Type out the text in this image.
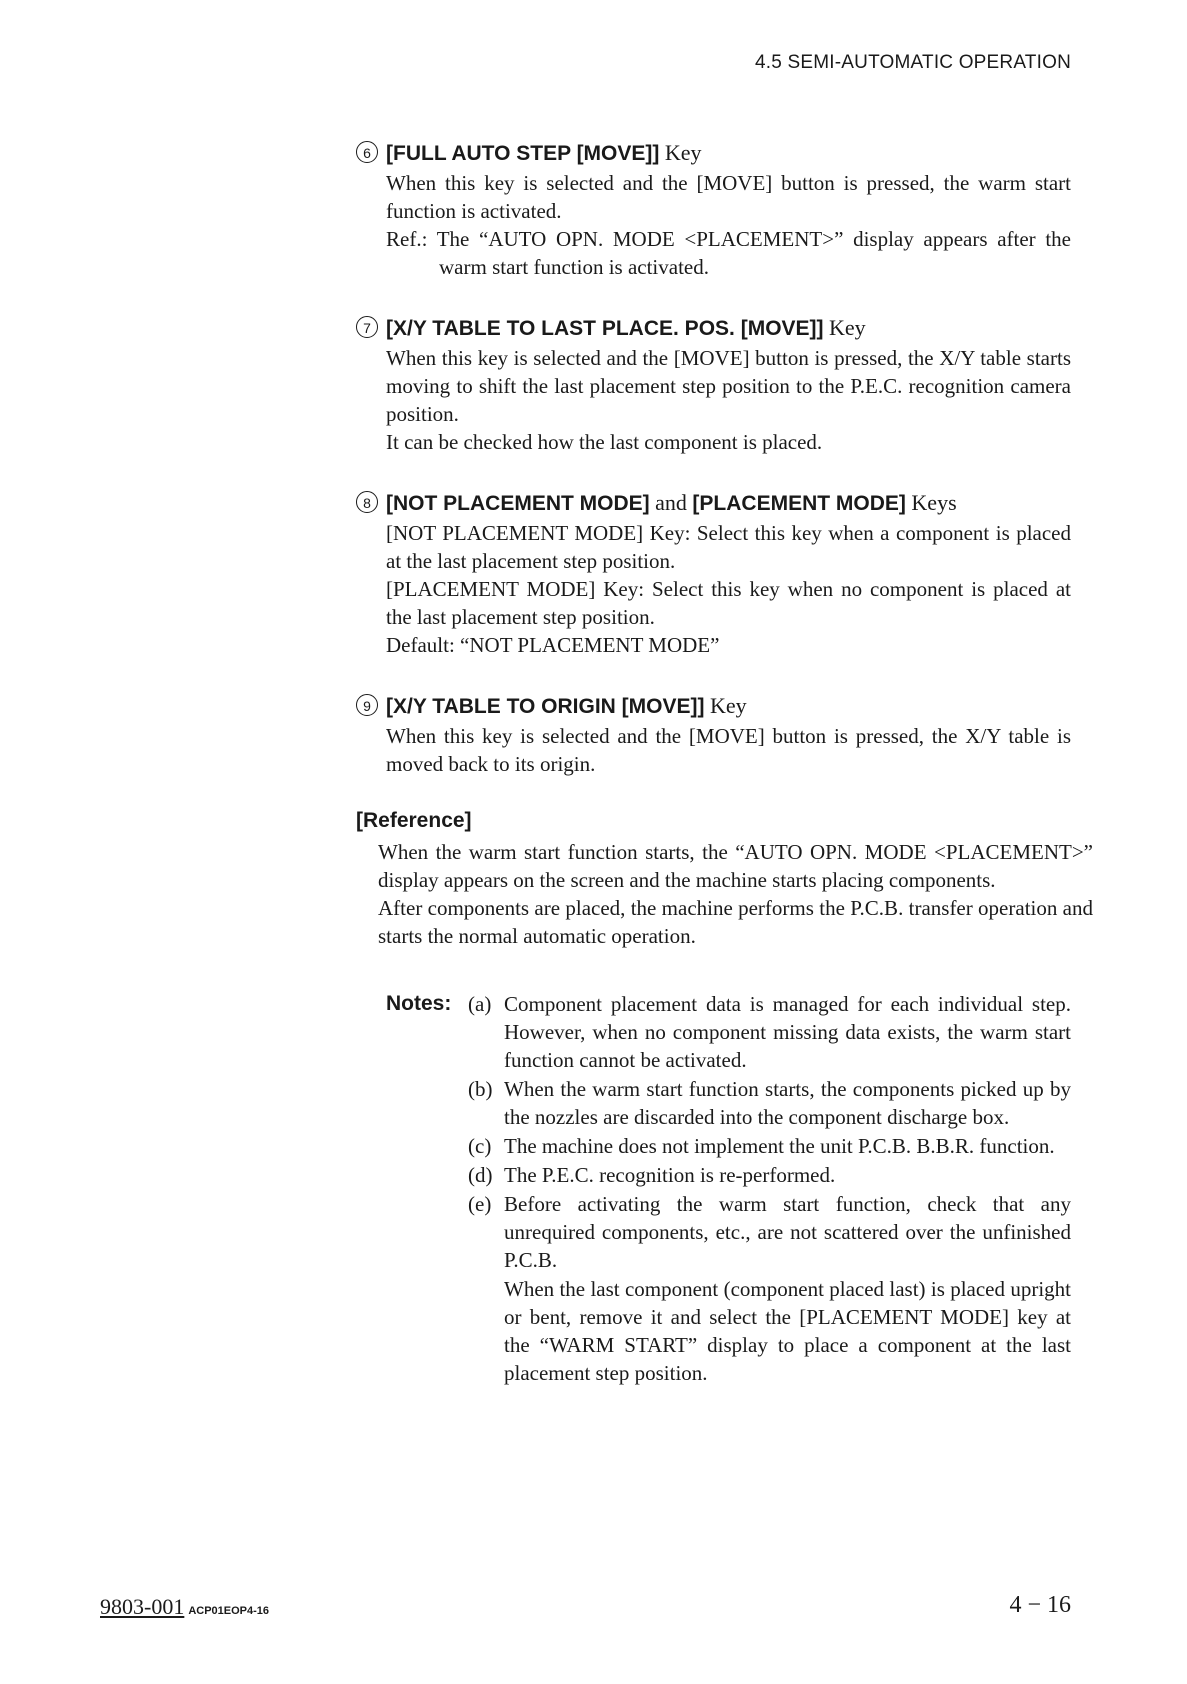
4.5 SEMI-AUTOMATIC OPERATION
6 [FULL AUTO STEP [MOVE]] Key
When this key is selected and the [MOVE] button is pressed, the warm start function is activated.
Ref.: The “AUTO OPN. MODE <PLACEMENT>” display appears after the warm start function is activated.
7 [X/Y TABLE TO LAST PLACE. POS. [MOVE]] Key
When this key is selected and the [MOVE] button is pressed, the X/Y table starts moving to shift the last placement step position to the P.E.C. recognition camera position.
It can be checked how the last component is placed.
8 [NOT PLACEMENT MODE] and [PLACEMENT MODE] Keys
[NOT PLACEMENT MODE] Key: Select this key when a component is placed at the last placement step position.
[PLACEMENT MODE] Key: Select this key when no component is placed at the last placement step position.
Default: “NOT PLACEMENT MODE”
9 [X/Y TABLE TO ORIGIN [MOVE]] Key
When this key is selected and the [MOVE] button is pressed, the X/Y table is moved back to its origin.
[Reference]
When the warm start function starts, the “AUTO OPN. MODE <PLACEMENT>” display appears on the screen and the machine starts placing components.
After components are placed, the machine performs the P.C.B. transfer operation and starts the normal automatic operation.
Notes: (a) Component placement data is managed for each individual step. However, when no component missing data exists, the warm start function cannot be activated.
(b) When the warm start function starts, the components picked up by the nozzles are discarded into the component discharge box.
(c) The machine does not implement the unit P.C.B. B.B.R. function.
(d) The P.E.C. recognition is re-performed.
(e) Before activating the warm start function, check that any unrequired components, etc., are not scattered over the unfinished P.C.B.
When the last component (component placed last) is placed upright or bent, remove it and select the [PLACEMENT MODE] key at the “WARM START” display to place a component at the last placement step position.
9803-001 ACP01EOP4-16	4 − 16
